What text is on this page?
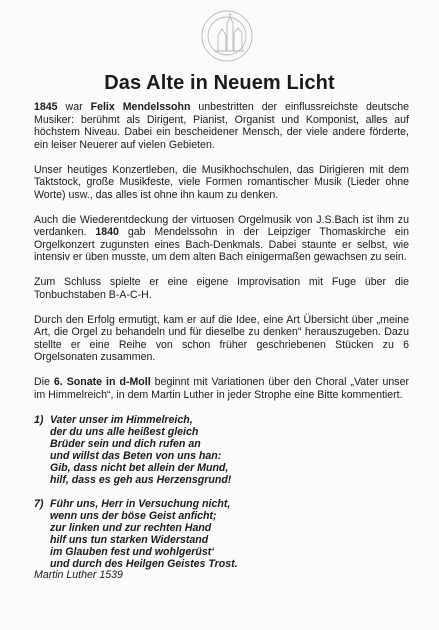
Das Alte in Neuem Licht

1845 war Felix Mendelssohn unbestritten der einflussreichste deutsche Musiker: berühmt als Dirigent, Pianist, Organist und Komponist, alles auf höchstem Niveau. Dabei ein bescheidener Mensch, der viele andere förderte, ein leiser Neuerer auf vielen Gebieten.

Unser heutiges Konzertleben, die Musikhochschulen, das Dirigieren mit dem Taktstock, große Musikfeste, viele Formen romantischer Musik (Lieder ohne Worte) usw., das alles ist ohne ihn kaum zu denken.

Auch die Wiederentdeckung der virtuosen Orgelmusik von J.S.Bach ist ihm zu verdanken. 1840 gab Mendelssohn in der Leipziger Thomaskirche ein Orgelkonzert zugunsten eines Bach-Denkmals. Dabei staunte er selbst, wie intensiv er üben musste, um dem alten Bach einigermaßen gewachsen zu sein.

Zum Schluss spielte er eine eigene Improvisation mit Fuge über die Tonbuchstaben B-A-C-H.

Durch den Erfolg ermutigt, kam er auf die Idee, eine Art Übersicht über „meine Art, die Orgel zu behandeln und für dieselbe zu denken“ herauszugeben. Dazu stellte er eine Reihe von schon früher geschriebenen Stücken zu 6 Orgelsonaten zusammen.

Die 6. Sonate in d-Moll beginnt mit Variationen über den Choral „Vater unser im Himmelreich“, in dem Martin Luther in jeder Strophe eine Bitte kommentiert.

1) Vater unser im Himmelreich,
der du uns alle heißest gleich
Brüder sein und dich rufen an
und willst das Beten von uns han:
Gib, dass nicht bet allein der Mund,
hilf, dass es geh aus Herzensgrund!
7) Führ uns, Herr in Versuchung nicht,
wenn uns der böse Geist anficht;
zur linken und zur rechten Hand
hilf uns tun starken Widerstand
im Glauben fest und wohlgerüst‘
und durch des Heilgen Geistes Trost.
Martin Luther 1539
